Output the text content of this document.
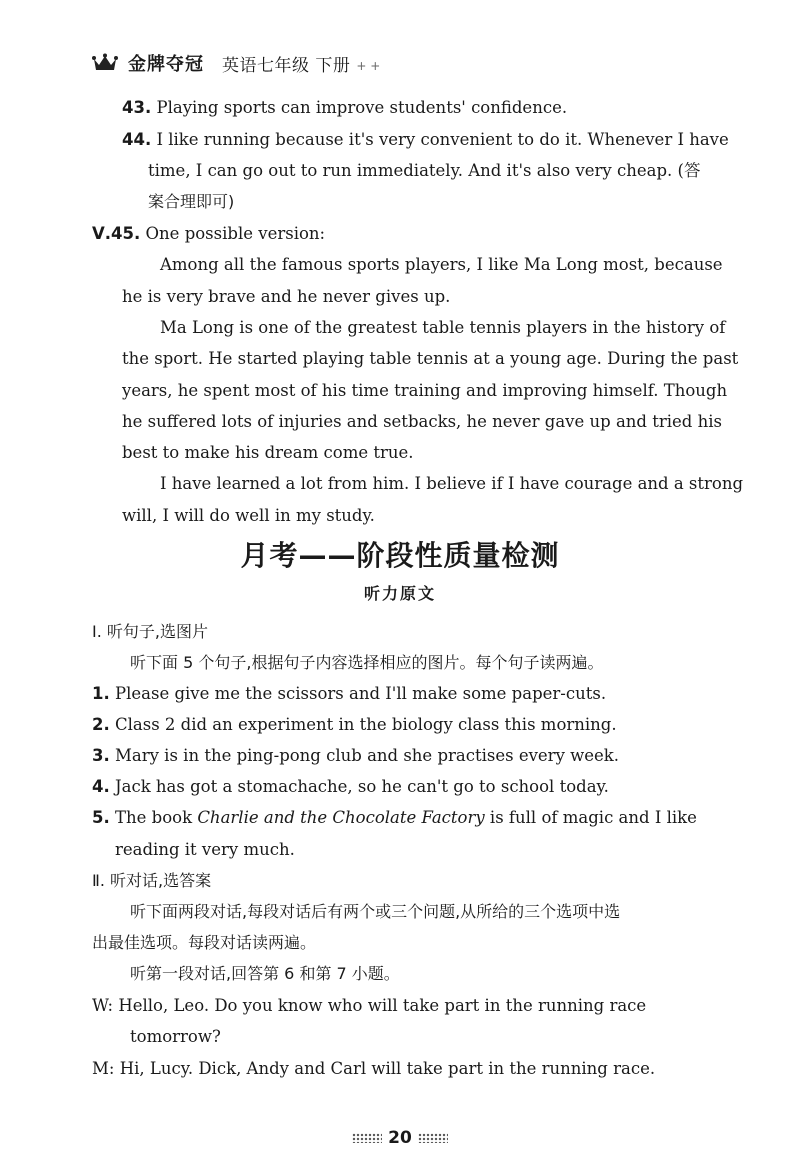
金牌夺冠 英语七年级 下册 + +
43. Playing sports can improve students' confidence.
44. I like running because it's very convenient to do it. Whenever I have
time, I can go out to run immediately. And it's also very cheap. (答
案合理即可)
Ⅴ.45. One possible version:
Among all the famous sports players, I like Ma Long most, because
he is very brave and he never gives up.
Ma Long is one of the greatest table tennis players in the history of
the sport. He started playing table tennis at a young age. During the past
years, he spent most of his time training and improving himself. Though
he suffered lots of injuries and setbacks, he never gave up and tried his
best to make his dream come true.
I have learned a lot from him. I believe if I have courage and a strong
will, I will do well in my study.
月考——阶段性质量检测
听力原文
Ⅰ. 听句子,选图片
听下面 5 个句子,根据句子内容选择相应的图片。每个句子读两遍。
1. Please give me the scissors and I'll make some paper-cuts.
2. Class 2 did an experiment in the biology class this morning.
3. Mary is in the ping-pong club and she practises every week.
4. Jack has got a stomachache, so he can't go to school today.
5. The book Charlie and the Chocolate Factory is full of magic and I like
reading it very much.
Ⅱ. 听对话,选答案
听下面两段对话,每段对话后有两个或三个问题,从所给的三个选项中选
出最佳选项。每段对话读两遍。
听第一段对话,回答第 6 和第 7 小题。
W: Hello, Leo. Do you know who will take part in the running race
tomorrow?
M: Hi, Lucy. Dick, Andy and Carl will take part in the running race.
20
